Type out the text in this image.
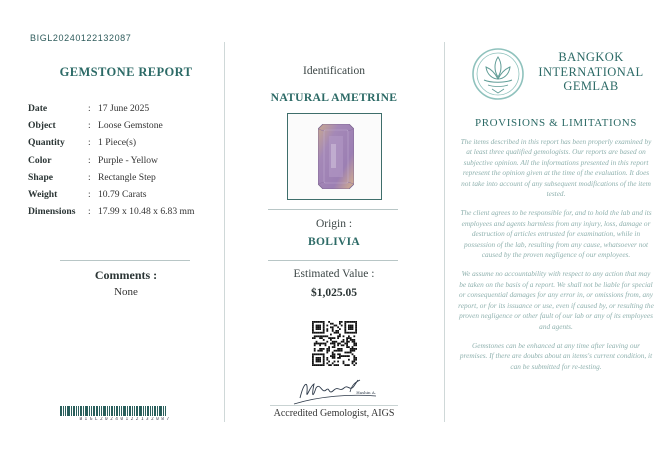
BIGL20240122132087
GEMSTONE REPORT
Date	: 17 June 2025
Object	: Loose Gemstone
Quantity	: 1 Piece(s)
Color	: Purple - Yellow
Shape	: Rectangle Step
Weight	: 10.79 Carats
Dimensions	: 17.99 x 10.48 x 6.83 mm
Comments :
None
BIGL20240122132087
Identification
NATURAL AMETRINE
Origin :
BOLIVIA
Estimated Value :
$1,025.05
Hashin A.
Accredited Gemologist, AIGS
BANGKOK
INTERNATIONAL
GEMLAB
PROVISIONS & LIMITATIONS

The items described in this report has been properly examined by at least three qualified gemologists. Our reports are based on subjective opinion. All the informations presented in this report represent the opinion given at the time of the evaluation. It does not take into account of any subsequent modifications of the item tested.

The client agrees to be responsible for, and to hold the lab and its employees and agents harmless from any injury, loss, damage or destruction of articles entrusted for examination, while in possession of the lab, resulting from any cause, whatsoever not caused by the proven negligence of our employees.

We assume no accountability with respect to any action that may be taken on the basis of a report. We shall not be liable for special or consequential damages for any error in, or omissions from, any report, or for its issuance or use, even if caused by, or resulting the proven negligence or other fault of our lab or any of its employees and agents.

Gemstones can be enhanced at any time after leaving our premises. If there are doubts about an items's current condition, it can be submitted for re-testing.
